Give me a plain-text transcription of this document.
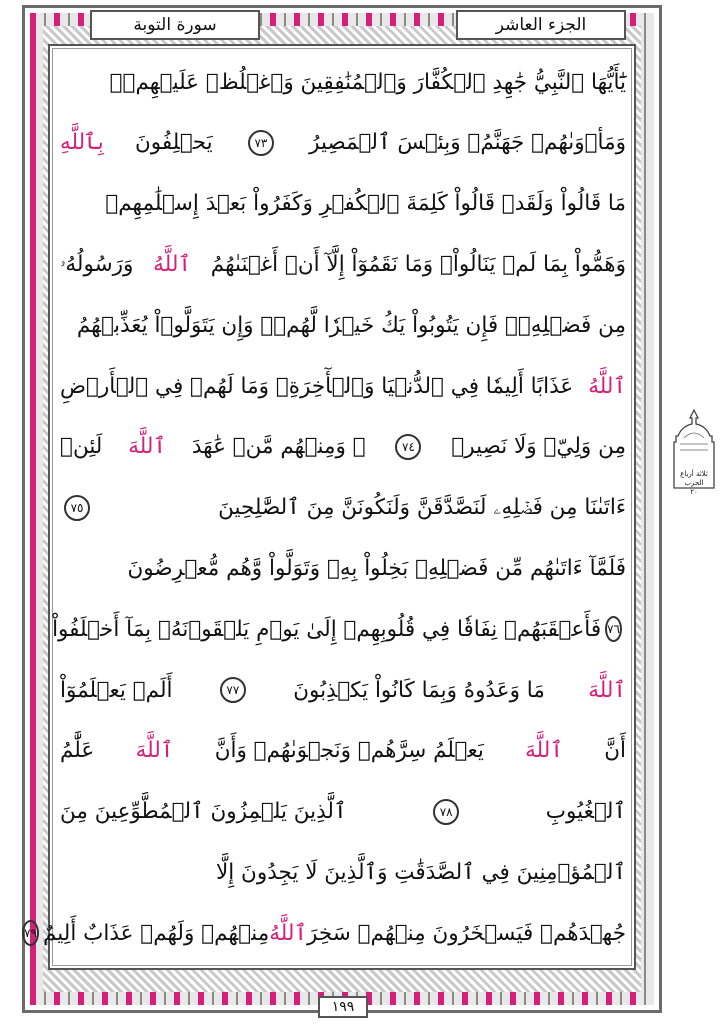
سورة التوبة	الجزء العاشر
يَٰٓأَيُّهَا ٱلنَّبِيُّ جَٰهِدِ ٱلۡكُفَّارَ وَٱلۡمُنَٰفِقِينَ وَٱغۡلُظۡ عَلَيۡهِمۡۚ
وَمَأۡوَىٰهُمۡ جَهَنَّمُۖ وَبِئۡسَ ٱلۡمَصِيرُ
٧٣
يَحۡلِفُونَ
بِٱللَّهِ
مَا قَالُواْ وَلَقَدۡ قَالُواْ كَلِمَةَ ٱلۡكُفۡرِ وَكَفَرُواْ بَعۡدَ إِسۡلَٰمِهِمۡ
وَهَمُّواْ بِمَا لَمۡ يَنَالُواْۚ وَمَا نَقَمُوٓاْ إِلَّآ أَنۡ أَغۡنَىٰهُمُ
ٱللَّهُ
وَرَسُولُهُۥ
مِن فَضۡلِهِۦۚ فَإِن يَتُوبُواْ يَكُ خَيۡرٗا لَّهُمۡۖ وَإِن يَتَوَلَّوۡاْ يُعَذِّبۡهُمُ
ٱللَّهُ
عَذَابًا أَلِيمٗا فِي ٱلدُّنۡيَا وَٱلۡأٓخِرَةِۚ وَمَا لَهُمۡ فِي ٱلۡأَرۡضِ
مِن وَلِيّٖ وَلَا نَصِيرٖ
٧٤
۞ وَمِنۡهُم مَّنۡ عَٰهَدَ
ٱللَّهَ
لَئِنۡ
ءَاتَىٰنَا مِن فَضۡلِهِۦ لَنَصَّدَّقَنَّ وَلَنَكُونَنَّ مِنَ ٱلصَّٰلِحِينَ
٧٥
فَلَمَّآ ءَاتَىٰهُم مِّن فَضۡلِهِۦ بَخِلُواْ بِهِۦ وَتَوَلَّواْ وَّهُم مُّعۡرِضُونَ
٧٦
فَأَعۡقَبَهُمۡ نِفَاقٗا فِي قُلُوبِهِمۡ إِلَىٰ يَوۡمِ يَلۡقَوۡنَهُۥ بِمَآ أَخۡلَفُواْ
ٱللَّهَ
مَا وَعَدُوهُ وَبِمَا كَانُواْ يَكۡذِبُونَ
٧٧
أَلَمۡ يَعۡلَمُوٓاْ
أَنَّ
ٱللَّهَ
يَعۡلَمُ سِرَّهُمۡ وَنَجۡوَىٰهُمۡ وَأَنَّ
ٱللَّهَ
عَلَّٰمُ
ٱلۡغُيُوبِ
٧٨
ٱلَّذِينَ يَلۡمِزُونَ ٱلۡمُطَّوِّعِينَ مِنَ
ٱلۡمُؤۡمِنِينَ فِي ٱلصَّدَقَٰتِ وَٱلَّذِينَ لَا يَجِدُونَ إِلَّا
جُهۡدَهُمۡ فَيَسۡخَرُونَ مِنۡهُمۡ سَخِرَ
ٱللَّهُ
مِنۡهُمۡ وَلَهُمۡ عَذَابٌ أَلِيمٌ
٧٩
ثلاثة أرباع
الحزب
٢٠
١٩٩
